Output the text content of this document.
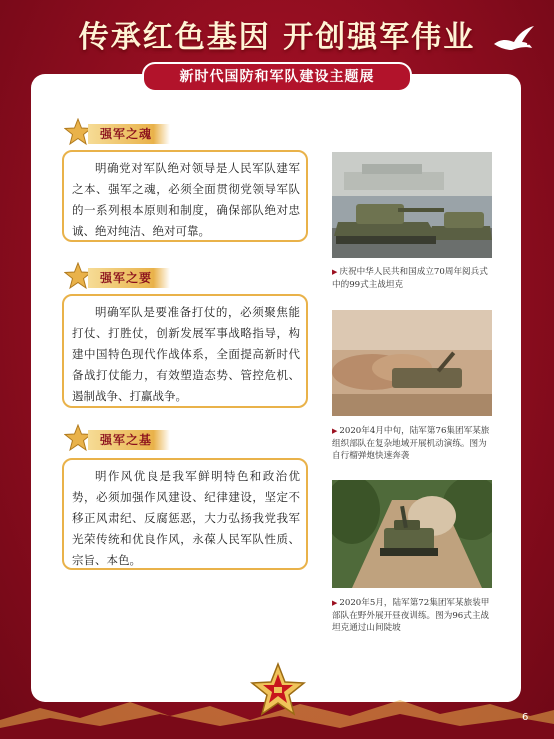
传承红色基因 开创强军伟业
新时代国防和军队建设主题展
强军之魂
明确党对军队绝对领导是人民军队建军之本、强军之魂，必须全面贯彻党领导军队的一系列根本原则和制度，确保部队绝对忠诚、绝对纯洁、绝对可靠。
▶ 庆祝中华人民共和国成立70周年阅兵式中的99式主战坦克
强军之要
明确军队是要准备打仗的，必须聚焦能打仗、打胜仗，创新发展军事战略指导，构建中国特色现代作战体系，全面提高新时代备战打仗能力，有效塑造态势、管控危机、遏制战争、打赢战争。
▶ 2020年4月中旬，陆军第76集团军某旅组织部队在复杂地域开展机动演练。图为自行榴弹炮快速奔袭
强军之基
明作风优良是我军鲜明特色和政治优势，必须加强作风建设、纪律建设，坚定不移正风肃纪、反腐惩恶，大力弘扬我党我军光荣传统和优良作风，永葆人民军队性质、宗旨、本色。
▶ 2020年5月，陆军第72集团军某旅装甲部队在野外展开昼夜训练。图为96式主战坦克通过山间陡坡
6
